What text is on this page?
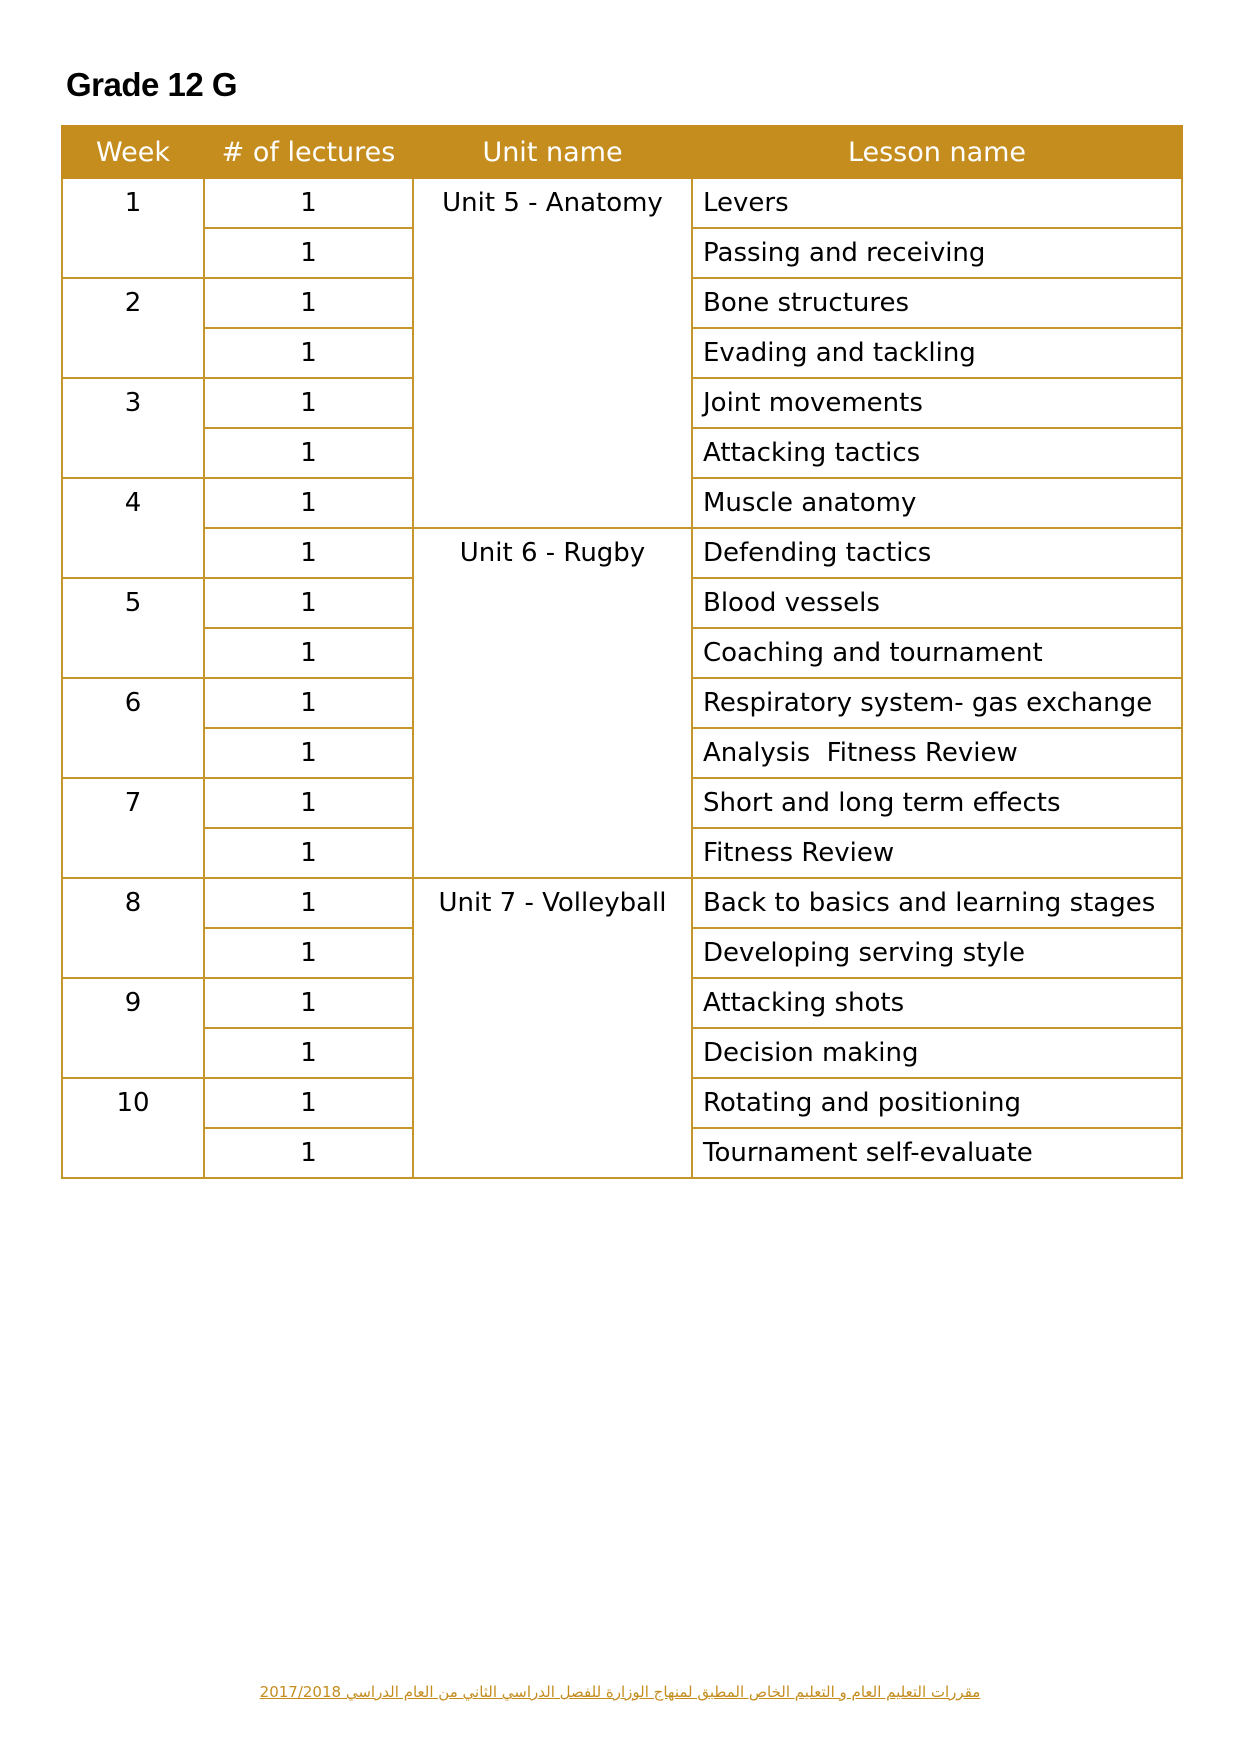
Grade 12 G
Week	# of lectures	Unit name	Lesson name
1	1	Unit 5 - Anatomy	Levers
	1		Passing and receiving
2	1		Bone structures
	1		Evading and tackling
3	1		Joint movements
	1		Attacking tactics
4	1		Muscle anatomy
	1	Unit 6 - Rugby	Defending tactics
5	1		Blood vessels
	1		Coaching and tournament
6	1		Respiratory system- gas exchange
	1		Analysis  Fitness Review
7	1		Short and long term effects
	1		Fitness Review
8	1	Unit 7 - Volleyball	Back to basics and learning stages
	1		Developing serving style
9	1		Attacking shots
	1		Decision making
10	1		Rotating and positioning
	1		Tournament self-evaluate
مقررات التعليم العام و التعليم الخاص المطبق لمنهاج الوزارة للفصل الدراسي الثاني من العام الدراسي 2017/2018
